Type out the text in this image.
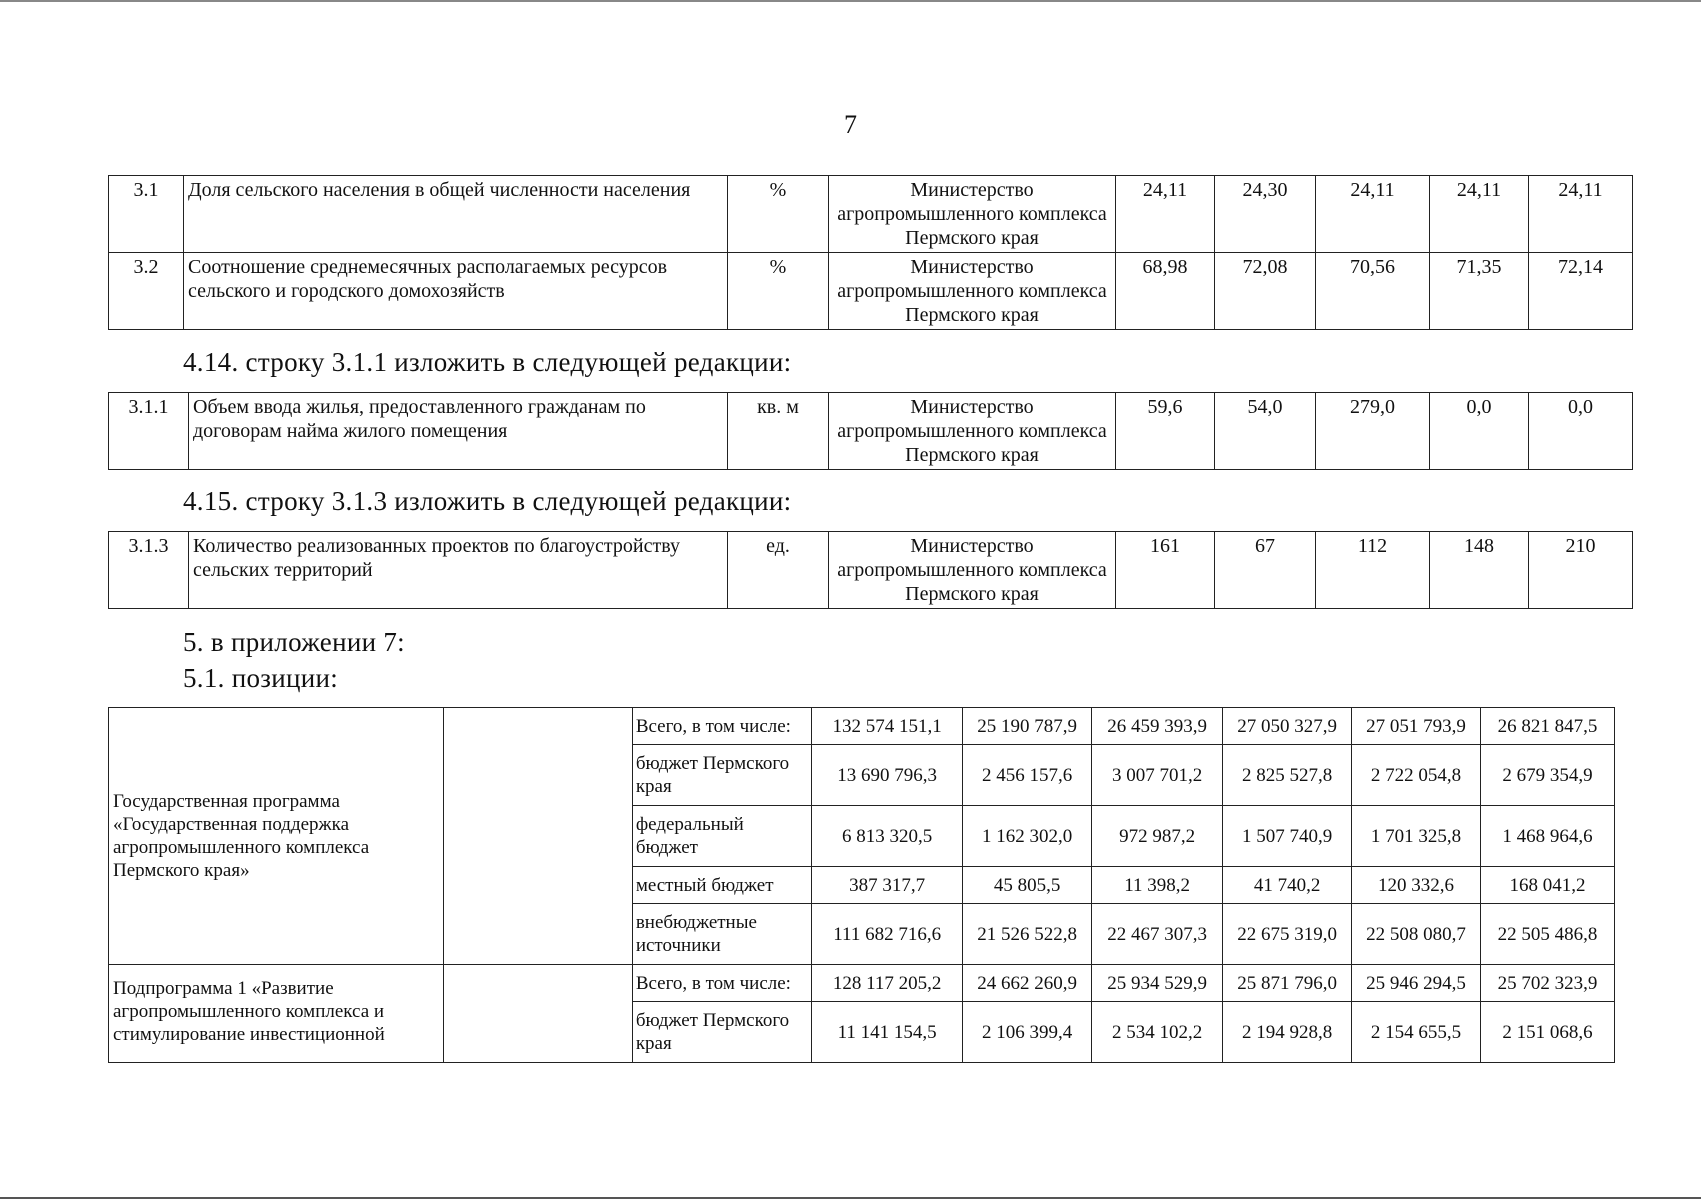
7
3.1	Доля сельского населения в общей численности населения	%	Министерство агропромышленного комплекса Пермского края	24,11	24,30	24,11	24,11	24,11
3.2	Соотношение среднемесячных располагаемых ресурсов сельского и городского домохозяйств	%	Министерство агропромышленного комплекса Пермского края	68,98	72,08	70,56	71,35	72,14
4.14. строку 3.1.1 изложить в следующей редакции:
3.1.1	Объем ввода жилья, предоставленного гражданам по договорам найма жилого помещения	кв. м	Министерство агропромышленного комплекса Пермского края	59,6	54,0	279,0	0,0	0,0
4.15. строку 3.1.3 изложить в следующей редакции:
3.1.3	Количество реализованных проектов по благоустройству сельских территорий	ед.	Министерство агропромышленного комплекса Пермского края	161	67	112	148	210
5. в приложении 7:
5.1. позиции:
Государственная программа «Государственная поддержка агропромышленного комплекса Пермского края»		Всего, в том числе:	132 574 151,1	25 190 787,9	26 459 393,9	27 050 327,9	27 051 793,9	26 821 847,5
		бюджет Пермского края	13 690 796,3	2 456 157,6	3 007 701,2	2 825 527,8	2 722 054,8	2 679 354,9
		федеральный бюджет	6 813 320,5	1 162 302,0	972 987,2	1 507 740,9	1 701 325,8	1 468 964,6
		местный бюджет	387 317,7	45 805,5	11 398,2	41 740,2	120 332,6	168 041,2
		внебюджетные источники	111 682 716,6	21 526 522,8	22 467 307,3	22 675 319,0	22 508 080,7	22 505 486,8
Подпрограмма 1 «Развитие агропромышленного комплекса и стимулирование инвестиционной		Всего, в том числе:	128 117 205,2	24 662 260,9	25 934 529,9	25 871 796,0	25 946 294,5	25 702 323,9
		бюджет Пермского края	11 141 154,5	2 106 399,4	2 534 102,2	2 194 928,8	2 154 655,5	2 151 068,6
